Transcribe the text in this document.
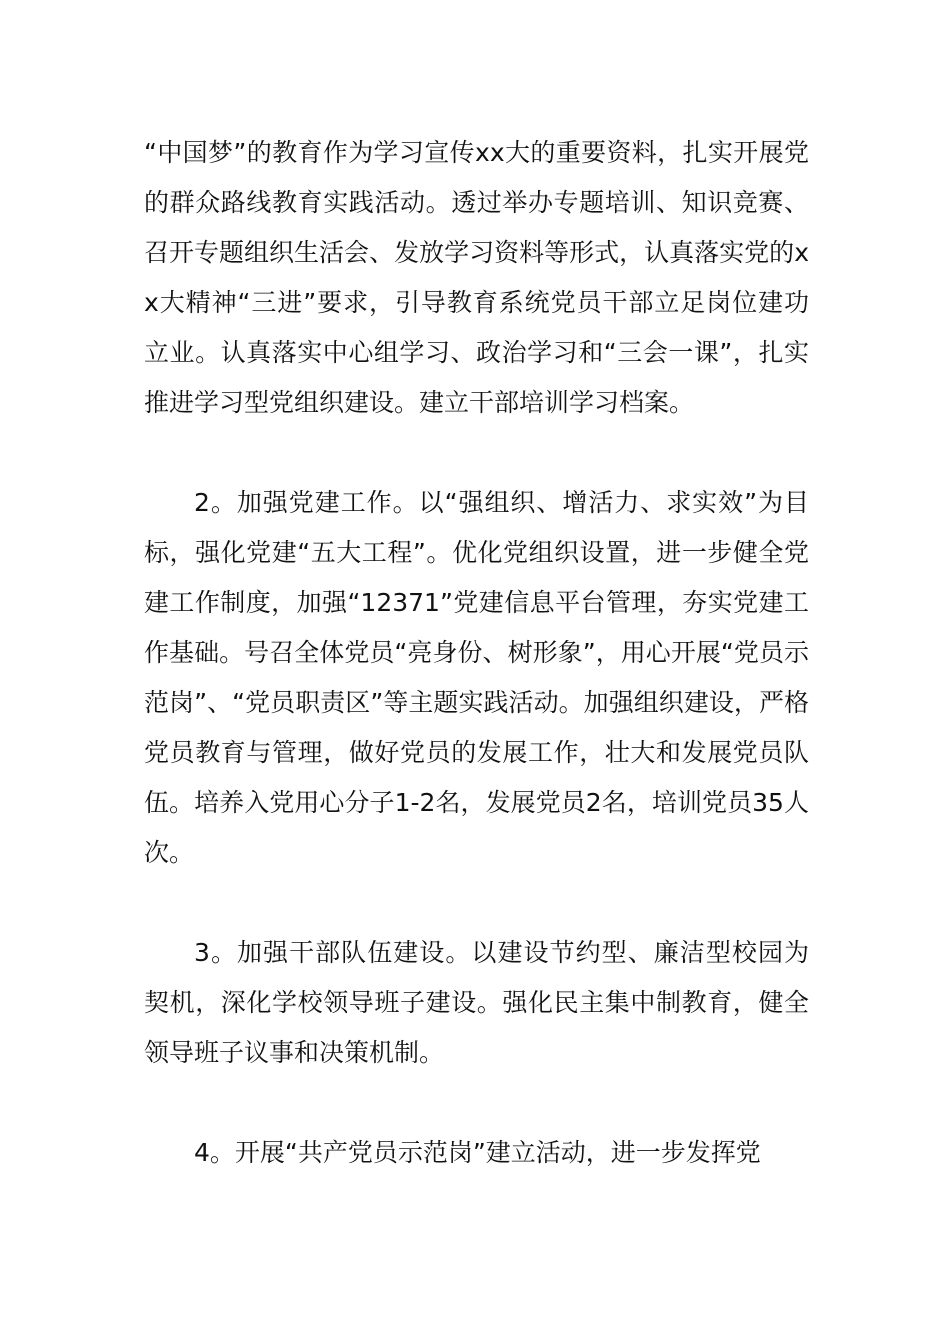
“中国梦”的教育作为学习宣传xx大的重要资料，扎实开展党的群众路线教育实践活动。透过举办专题培训、知识竞赛、召开专题组织生活会、发放学习资料等形式，认真落实党的xx大精神“三进”要求，引导教育系统党员干部立足岗位建功立业。认真落实中心组学习、政治学习和“三会一课”，扎实推进学习型党组织建设。建立干部培训学习档案。

2。加强党建工作。以“强组织、增活力、求实效”为目标，强化党建“五大工程”。优化党组织设置，进一步健全党建工作制度，加强“12371”党建信息平台管理，夯实党建工作基础。号召全体党员“亮身份、树形象”，用心开展“党员示范岗”、“党员职责区”等主题实践活动。加强组织建设，严格党员教育与管理，做好党员的发展工作，壮大和发展党员队伍。培养入党用心分子1-2名，发展党员2名，培训党员35人次。

3。加强干部队伍建设。以建设节约型、廉洁型校园为契机，深化学校领导班子建设。强化民主集中制教育，健全领导班子议事和决策机制。

4。开展“共产党员示范岗”建立活动，进一步发挥党
